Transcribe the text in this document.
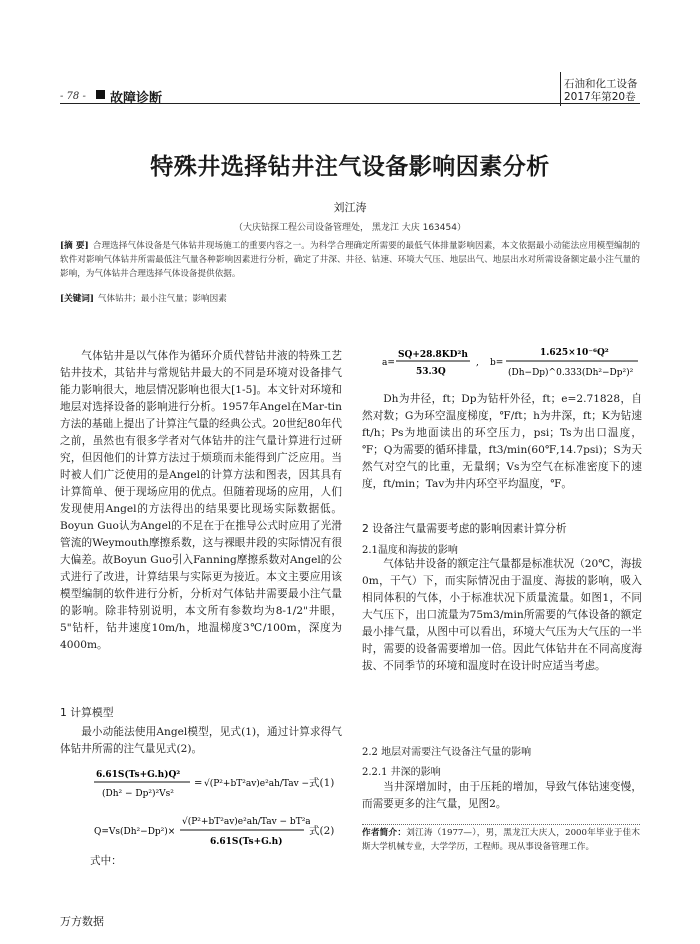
- 78 - 故障诊断
石油和化工设备
2017年第20卷
特殊井选择钻井注气设备影响因素分析
刘江涛
（大庆钻探工程公司设备管理处， 黑龙江 大庆 163454）
[摘 要] 合理选择气体设备是气体钻井现场施工的重要内容之一。为科学合理确定所需要的最低气体排量影响因素，本文依据最小动能法应用模型编制的软件对影响气体钻井所需最低注气量各种影响因素进行分析，确定了井深、井径、钻速、环境大气压、地层出气、地层出水对所需设备额定最小注气量的影响，为气体钻井合理选择气体设备提供依据。
[关键词] 气体钻井；最小注气量；影响因素

气体钻井是以气体作为循环介质代替钻井液的特殊工艺钻井技术，其钻井与常规钻井最大的不同是环境对设备排气能力影响很大，地层情况影响也很大[1-5]。本文针对环境和地层对选择设备的影响进行分析。1957年Angel在Mar-tin方法的基础上提出了计算注气量的经典公式。20世纪80年代之前，虽然也有很多学者对气体钻井的注气量计算进行过研究，但因他们的计算方法过于烦琐而未能得到广泛应用。当时被人们广泛使用的是Angel的计算方法和图表，因其具有计算简单、便于现场应用的优点。但随着现场的应用，人们发现使用Angel的方法得出的结果要比现场实际数据低。Boyun Guo认为Angel的不足在于在推导公式时应用了光滑管流的Weymouth摩擦系数，这与裸眼井段的实际情况有很大偏差。故Boyun Guo引入Fanning摩擦系数对Angel的公式进行了改进，计算结果与实际更为接近。本文主要应用该模型编制的软件进行分析，分析对气体钻井需要最小注气量的影响。除非特别说明，本文所有参数均为8-1/2"井眼，5"钻杆，钻井速度10m/h，地温梯度3℃/100m，深度为4000m。

1 计算模型

最小动能法使用Angel模型，见式(1)，通过计算求得气体钻井所需的注气量见式(2)。

6.61S(Ts+G.h)Q²
(Dh² − Dp²)²Vs²
= √(P²+bT²av)e²ah/Tav − 式(1)
Q=Vs(Dh²−Dp²)×
√(P²+bT²av)e²ah/Tav − bT²av
6.61S(Ts+G.h)
式(2)
式中：
a=
SQ+28.8KD²h
53.3Q
, b=
1.625×10⁻⁶Q²
(Dh−Dp)^0.333(Dh²−Dp²)²

Dh为井径，ft；Dp为钻杆外径，ft；e=2.71828，自然对数；G为环空温度梯度，℉/ft；h为井深，ft；K为钻速ft/h；Ps为地面读出的环空压力，psi；Ts为出口温度，℉；Q为需要的循环排量，ft3/min(60℉,14.7psi)；S为天然气对空气的比重，无量纲；Vs为空气在标准密度下的速度，ft/min；Tav为井内环空平均温度，℉。

2 设备注气量需要考虑的影响因素计算分析
2.1温度和海拔的影响

气体钻井设备的额定注气量都是标准状况（20℃，海拔0m，干气）下，而实际情况由于温度、海拔的影响，吸入相同体积的气体，小于标准状况下质量流量。如图1，不同大气压下，出口流量为75m3/min所需要的气体设备的额定最小排气量，从图中可以看出，环境大气压为大气压的一半时，需要的设备需要增加一倍。因此气体钻井在不同高度海拔、不同季节的环境和温度时在设计时应适当考虑。

2.2 地层对需要注气设备注气量的影响
2.2.1 井深的影响

当井深增加时，由于压耗的增加，导致气体钻速变慢，而需要更多的注气量，见图2。

作者简介：刘江涛（1977—），男，黑龙江大庆人，2000年毕业于佳木斯大学机械专业，大学学历，工程师。现从事设备管理工作。
万方数据
